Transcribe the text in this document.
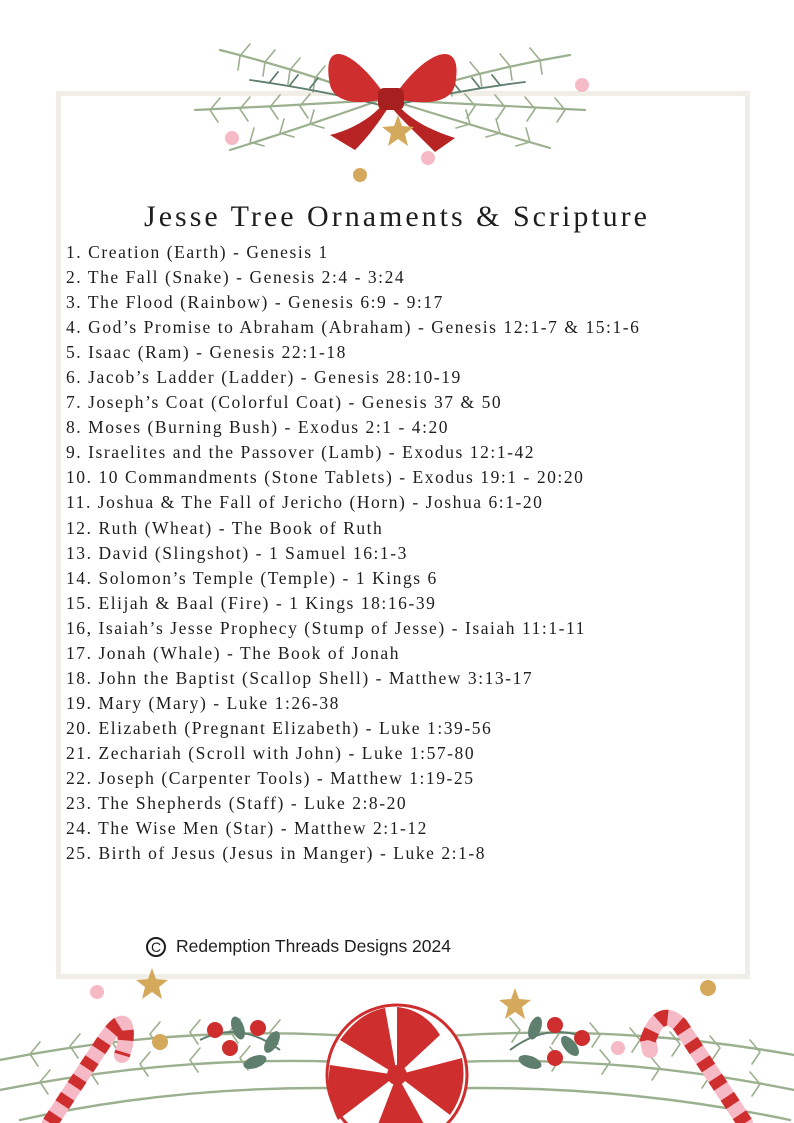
Jesse Tree Ornaments & Scripture
1. Creation (Earth) - Genesis 1
2. The Fall (Snake) - Genesis 2:4 - 3:24
3. The Flood (Rainbow) - Genesis 6:9 - 9:17
4. God’s Promise to Abraham (Abraham) - Genesis 12:1-7 & 15:1-6
5. Isaac (Ram) - Genesis 22:1-18
6. Jacob’s Ladder (Ladder) - Genesis 28:10-19
7. Joseph’s Coat (Colorful Coat) - Genesis 37 & 50
8. Moses (Burning Bush) - Exodus 2:1 - 4:20
9. Israelites and the Passover (Lamb) - Exodus 12:1-42
10. 10 Commandments (Stone Tablets) - Exodus 19:1 - 20:20
11. Joshua & The Fall of Jericho (Horn) - Joshua 6:1-20
12. Ruth (Wheat) - The Book of Ruth
13. David (Slingshot) - 1 Samuel 16:1-3
14. Solomon’s Temple (Temple) - 1 Kings 6
15. Elijah & Baal (Fire) - 1 Kings 18:16-39
16, Isaiah’s Jesse Prophecy (Stump of Jesse) - Isaiah 11:1-11
17. Jonah (Whale) - The Book of Jonah
18. John the Baptist (Scallop Shell) - Matthew 3:13-17
19. Mary (Mary) - Luke 1:26-38
20. Elizabeth (Pregnant Elizabeth) - Luke 1:39-56
21. Zechariah (Scroll with John) - Luke 1:57-80
22. Joseph (Carpenter Tools) - Matthew 1:19-25
23. The Shepherds (Staff) - Luke 2:8-20
24. The Wise Men (Star) - Matthew 2:1-12
25. Birth of Jesus (Jesus in Manger) - Luke 2:1-8
C Redemption Threads Designs 2024
